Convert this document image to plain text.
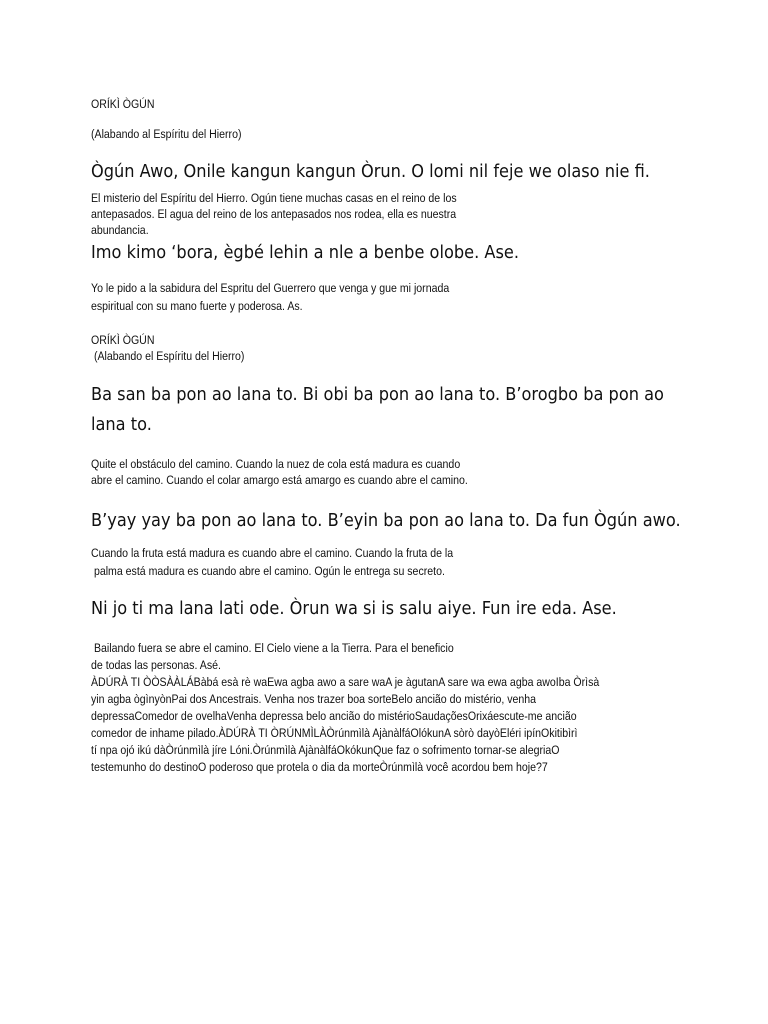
ORÍKÌ ÒGÚN

(Alabando al Espíritu del Hierro)

Ògún Awo, Onile kangun kangun Òrun. O lomi nil feje we olaso nie fi.

El misterio del Espíritu del Hierro. Ogún tiene muchas casas en el reino de los

antepasados. El agua del reino de los antepasados nos rodea, ella es nuestra

abundancia.

Imo kimo ‘bora, ègbé lehin a nle a benbe olobe. Ase.

Yo le pido a la sabidura del Espritu del Guerrero que venga y gue mi jornada

espiritual con su mano fuerte y poderosa. As.

ORÍKÌ ÒGÚN

(Alabando el Espíritu del Hierro)

Ba san ba pon ao lana to. Bi obi ba pon ao lana to. B’orogbo ba pon ao

lana to.

Quite el obstáculo del camino. Cuando la nuez de cola está madura es cuando

abre el camino. Cuando el colar amargo está amargo es cuando abre el camino.

B’yay yay ba pon ao lana to. B’eyin ba pon ao lana to. Da fun Ògún awo.

Cuando la fruta está madura es cuando abre el camino. Cuando la fruta de la

palma está madura es cuando abre el camino. Ogún le entrega su secreto.

Ni jo ti ma lana lati ode. Òrun wa si is salu aiye. Fun ire eda. Ase.

Bailando fuera se abre el camino. El Cielo viene a la Tierra. Para el beneficio

de todas las personas. Asé.

ÀDÚRÀ TI ÒÒSÀÀLÁBàbá esà rè waEwa agba awo a sare waA je àgutanA sare wa ewa agba awoIba Òrìsà

yin agba ògìnyònPai dos Ancestrais. Venha nos trazer boa sorteBelo ancião do mistério, venha

depressaComedor de ovelhaVenha depressa belo ancião do mistérioSaudaçõesOrixáescute-me ancião

comedor de inhame pilado.ÀDÚRÀ TI ÒRÚNMÌLÀÒrúnmìlà AjànàlfáOlókunA sòrò dayòEléri ipínOkitibìrì

tí npa ojó ikú dàÒrúnmìlà jíre Lóni.Òrúnmìlà AjànàlfáOkókunQue faz o sofrimento tornar-se alegriaO

testemunho do destinoO poderoso que protela o dia da morteÒrúnmìlà você acordou bem hoje?7
